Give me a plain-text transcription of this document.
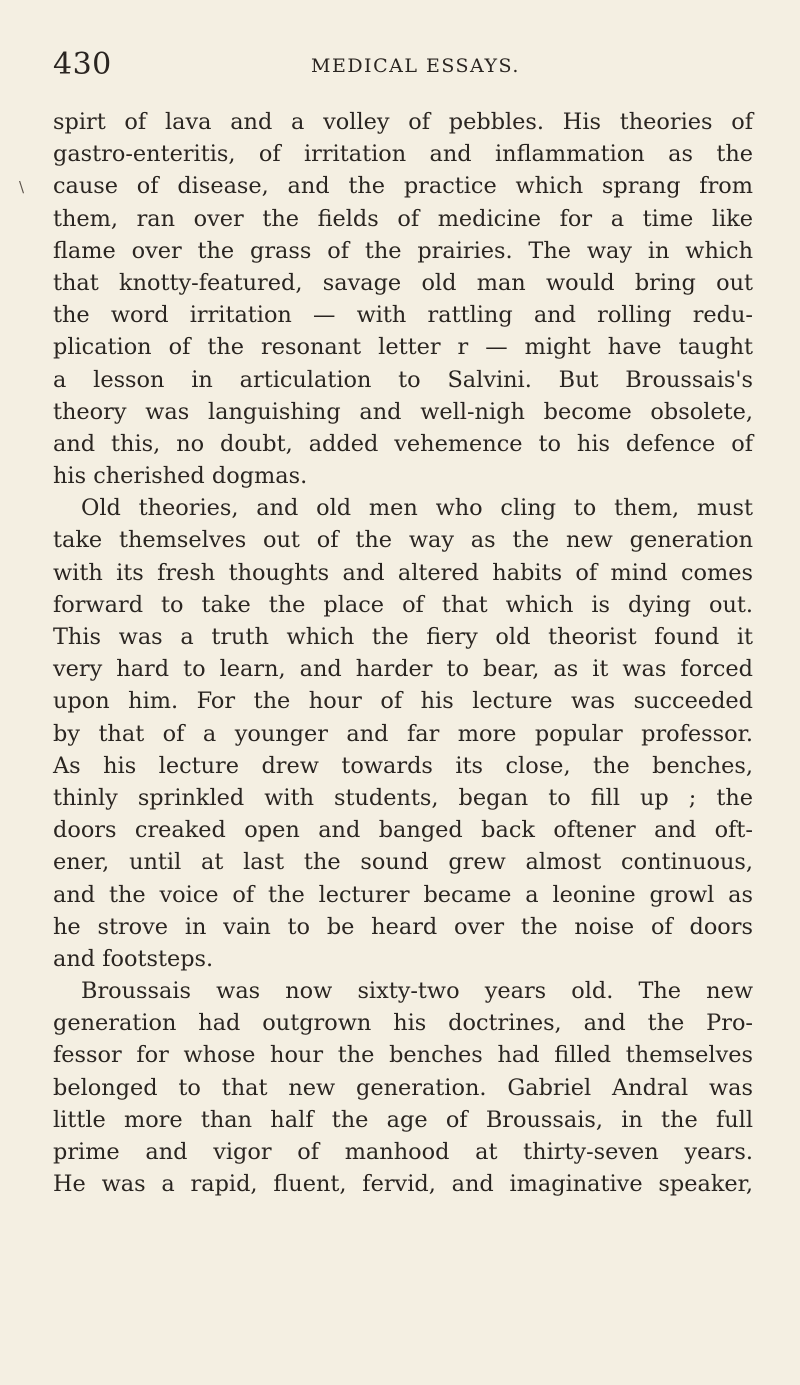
430	MEDICAL ESSAYS.
\
spirt of lava and a volley of pebbles. His theories of
gastro-enteritis, of irritation and inflammation as the
cause of disease, and the practice which sprang from
them, ran over the fields of medicine for a time like
flame over the grass of the prairies. The way in which
that knotty-featured, savage old man would bring out
the word irritation — with rattling and rolling redu-
plication of the resonant letter r — might have taught
a lesson in articulation to Salvini. But Broussais's
theory was languishing and well-nigh become obsolete,
and this, no doubt, added vehemence to his defence of
his cherished dogmas.
Old theories, and old men who cling to them, must
take themselves out of the way as the new generation
with its fresh thoughts and altered habits of mind comes
forward to take the place of that which is dying out.
This was a truth which the fiery old theorist found it
very hard to learn, and harder to bear, as it was forced
upon him. For the hour of his lecture was succeeded
by that of a younger and far more popular professor.
As his lecture drew towards its close, the benches,
thinly sprinkled with students, began to fill up ; the
doors creaked open and banged back oftener and oft-
ener, until at last the sound grew almost continuous,
and the voice of the lecturer became a leonine growl as
he strove in vain to be heard over the noise of doors
and footsteps.
Broussais was now sixty-two years old. The new
generation had outgrown his doctrines, and the Pro-
fessor for whose hour the benches had filled themselves
belonged to that new generation. Gabriel Andral was
little more than half the age of Broussais, in the full
prime and vigor of manhood at thirty-seven years.
He was a rapid, fluent, fervid, and imaginative speaker,
